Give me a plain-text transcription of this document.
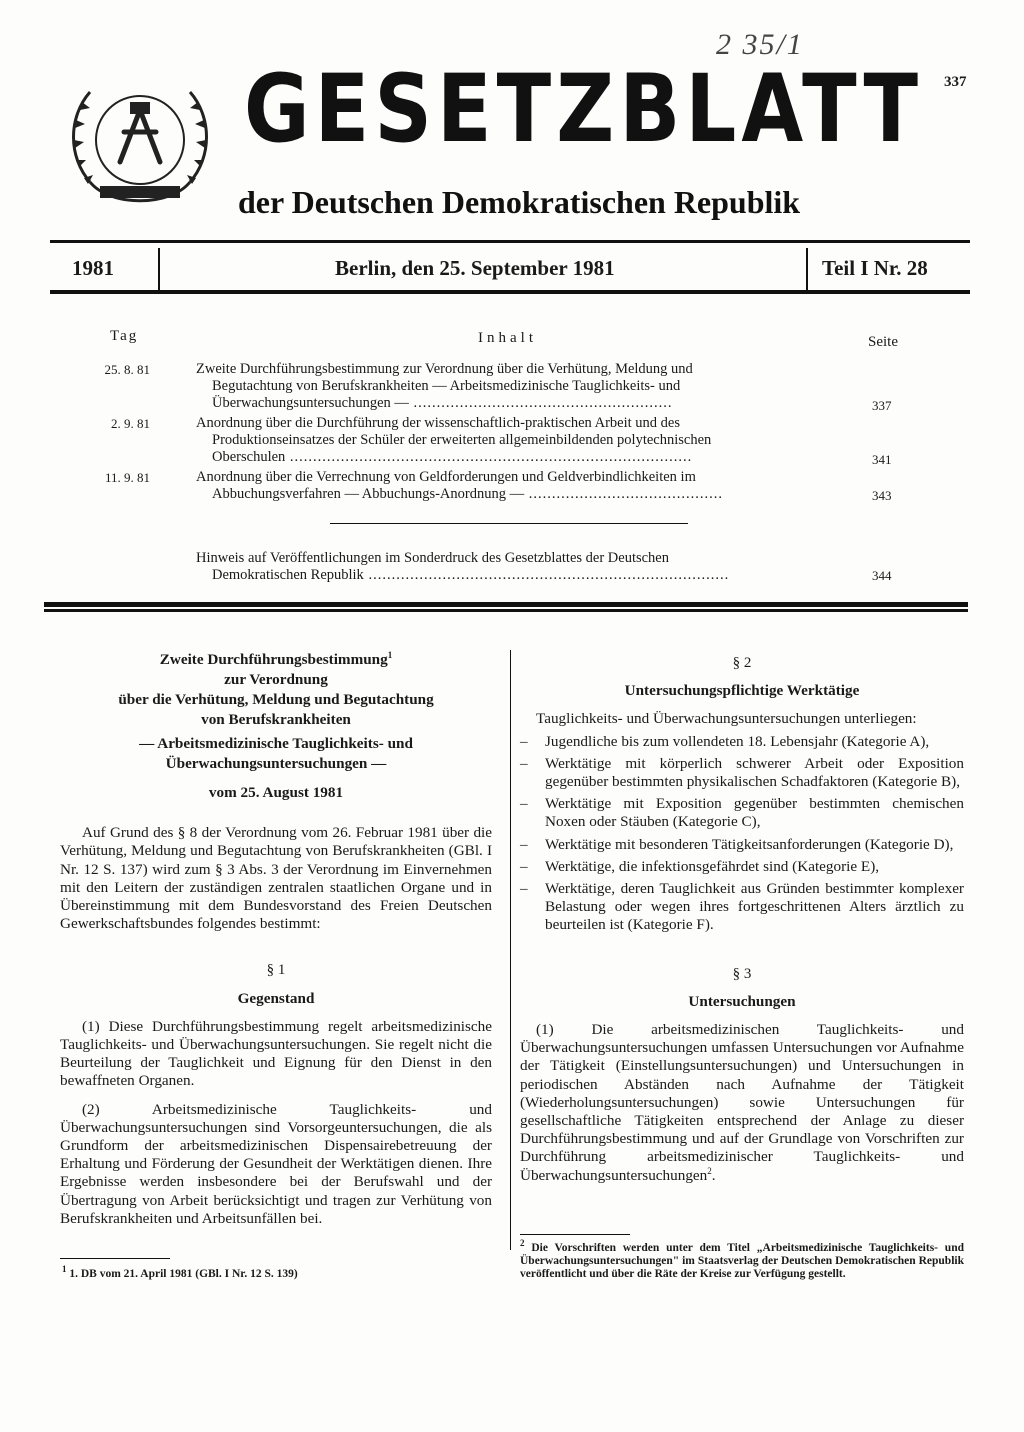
2 35/1
337
GESETZBLATT
der Deutschen Demokratischen Republik
1981	Berlin, den 25. September 1981	Teil I Nr. 28
Tag	Inhalt	Seite
25. 8. 81	Zweite Durchführungsbestimmung zur Verordnung über die Verhütung, Meldung und
Begutachtung von Berufskrankheiten — Arbeitsmedizinische Tauglichkeits- und
Überwachungsuntersuchungen — ........................................................	337
2. 9. 81	Anordnung über die Durchführung der wissenschaftlich-praktischen Arbeit und des
Produktionseinsatzes der Schüler der erweiterten allgemeinbildenden polytechnischen
Oberschulen .......................................................................................	341
11. 9. 81	Anordnung über die Verrechnung von Geldforderungen und Geldverbindlichkeiten im
Abbuchungsverfahren — Abbuchungs-Anordnung — ..........................................	343
Hinweis auf Veröffentlichungen im Sonderdruck des Gesetzblattes der Deutschen
Demokratischen Republik ..............................................................................	344
Zweite Durchführungsbestimmung$^1$
zur Verordnung
über die Verhütung, Meldung und Begutachtung
von Berufskrankheiten
— Arbeitsmedizinische Tauglichkeits- und
Überwachungsuntersuchungen —
vom 25. August 1981

Auf Grund des § 8 der Verordnung vom 26. Februar 1981 über die Verhütung, Meldung und Begutachtung von Berufskrankheiten (GBl. I Nr. 12 S. 137) wird zum § 3 Abs. 3 der Verordnung im Einvernehmen mit den Leitern der zuständigen zentralen staatlichen Organe und in Übereinstimmung mit dem Bundesvorstand des Freien Deutschen Gewerkschaftsbundes folgendes bestimmt:

§ 1
Gegenstand

(1) Diese Durchführungsbestimmung regelt arbeitsmedizinische Tauglichkeits- und Überwachungsuntersuchungen. Sie regelt nicht die Beurteilung der Tauglichkeit und Eignung für den Dienst in den bewaffneten Organen.

(2) Arbeitsmedizinische Tauglichkeits- und Überwachungsuntersuchungen sind Vorsorgeuntersuchungen, die als Grundform der arbeitsmedizinischen Dispensairebetreuung der Erhaltung und Förderung der Gesundheit der Werktätigen dienen. Ihre Ergebnisse werden insbesondere bei der Berufswahl und der Übertragung von Arbeit berücksichtigt und tragen zur Verhütung von Berufskrankheiten und Arbeitsunfällen bei.

$^1$ 1. DB vom 21. April 1981 (GBl. I Nr. 12 S. 139)
§ 2
Untersuchungspflichtige Werktätige

Tauglichkeits- und Überwachungsuntersuchungen unterliegen:

– Jugendliche bis zum vollendeten 18. Lebensjahr (Kategorie A),
– Werktätige mit körperlich schwerer Arbeit oder Exposition gegenüber bestimmten physikalischen Schadfaktoren (Kategorie B),
– Werktätige mit Exposition gegenüber bestimmten chemischen Noxen oder Stäuben (Kategorie C),
– Werktätige mit besonderen Tätigkeitsanforderungen (Kategorie D),
– Werktätige, die infektionsgefährdet sind (Kategorie E),
– Werktätige, deren Tauglichkeit aus Gründen bestimmter komplexer Belastung oder wegen ihres fortgeschrittenen Alters ärztlich zu beurteilen ist (Kategorie F).
§ 3
Untersuchungen

(1) Die arbeitsmedizinischen Tauglichkeits- und Überwachungsuntersuchungen umfassen Untersuchungen vor Aufnahme der Tätigkeit (Einstellungsuntersuchungen) und Untersuchungen in periodischen Abständen nach Aufnahme der Tätigkeit (Wiederholungsuntersuchungen) sowie Untersuchungen für gesellschaftliche Tätigkeiten entsprechend der Anlage zu dieser Durchführungsbestimmung und auf der Grundlage von Vorschriften zur Durchführung arbeitsmedizinischer Tauglichkeits- und Überwachungsuntersuchungen$^2$.

$^2$ Die Vorschriften werden unter dem Titel „Arbeitsmedizinische Tauglichkeits- und Überwachungsuntersuchungen" im Staatsverlag der Deutschen Demokratischen Republik veröffentlicht und über die Räte der Kreise zur Verfügung gestellt.
